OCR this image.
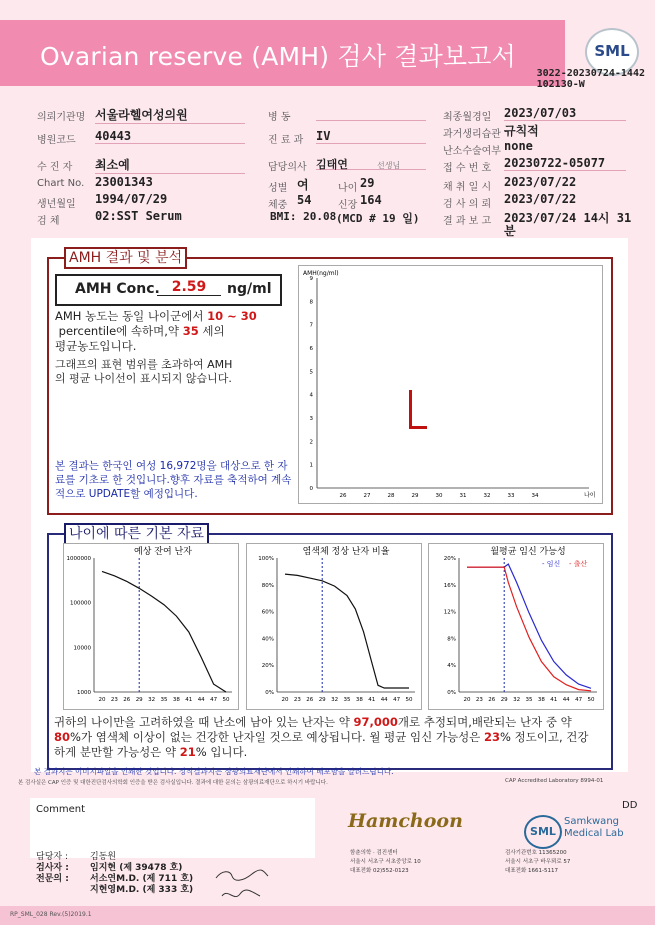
Ovarian reserve (AMH) 검사 결과보고서	SML
3022-20230724-1442
102130-W
의뢰기관명 서울라헬여성의원
병원코드 40443
수 진 자 최소예
Chart No. 23001343
생년월일 1994/07/29
검 체	02:SST Serum
병 동
진 료 과 IV
담당의사 김태연	선생님
성별 여	나이 29
체중 54	신장 164
BMI: 20.08 (MCD # 19 일)
최종월경일 2023/07/03
과거생리습관 규칙적
난소수술여부 none
접 수 번 호 20230722-05077
채 취 일 시 2023/07/22
검 사 의 뢰 2023/07/22
결 과 보 고 2023/07/24 14시 31
분
AMH 결과 및 분석
AMH Conc. 2.59	ng/ml
AMH 농도는 동일 나이군에서 10 ~ 30
percentile에 속하며,약 35 세의
평균농도입니다.
그래프의 표현 범위를 초과하여 AMH의 평균 나이선이 표시되지 않습니다.
본 결과는 한국인 여성 16,972명을 대상으로 한 자료를 기초로 한 것입니다.향후 자료를 축적하여 계속적으로 UPDATE할 예정입니다.
AMH(ng/ml)
0
1
2
3
4
5
6
7
8
9
26	27	28	29	30	31	32	33	34	나이
나이에 따른 기본 자료
예상 잔여 난자
1000000
100000
10000
1000
20 23 26 29 32 35 38 41 44 47 50
염색체 정상 난자 비율
100%
80%
60%
40%
20%
0%
20 23 26 29 32 35 38 41 44 47 50
월평균 임신 가능성
20%
16%
12%
8%
4%
0%
20 23 26 29 32 35 38 41 44 47 50
- 임신 - 출산
귀하의 나이만을 고려하였을 때 난소에 남아 있는 난자는 약 97,000개로 추정되며,배란되는 난자 중 약 80%가 염색체 이상이 없는 건강한 난자일 것으로 예상됩니다. 월 평균 임신 가능성은 23% 정도이고, 건강하게 분만할 가능성은 약 21% 입니다.
본 결과지는 이미지파일을 인쇄한 것입니다. 정식결과지는 삼광의료재단에서 인쇄하여 배포함을 알려드립니다.
본 검사실은 CAP 인증 및 대한진단검사의학회 인증을 받은 검사실입니다. 결과에 대한 문의는 삼광의료재단으로 하시기 바랍니다.	CAP Accredited Laboratory 8994-01
Comment	DD
담당자 : 김동원
검사자 : 임지현 (제 39478 호)
전문의 : 서소연M.D. (제 711 호)
지현영M.D. (제 333 호)
Hamchoon
함춘의학 · 검진센터
서울시 서초구 서초중앙로 10
대표전화 02)552-0123
SML
Samkwang
Medical Lab
검사기관번호 11365200
서울시 서초구 바우뫼로 57
대표전화 1661-5117
RP_SML_028 Rev.(5)2019.1
